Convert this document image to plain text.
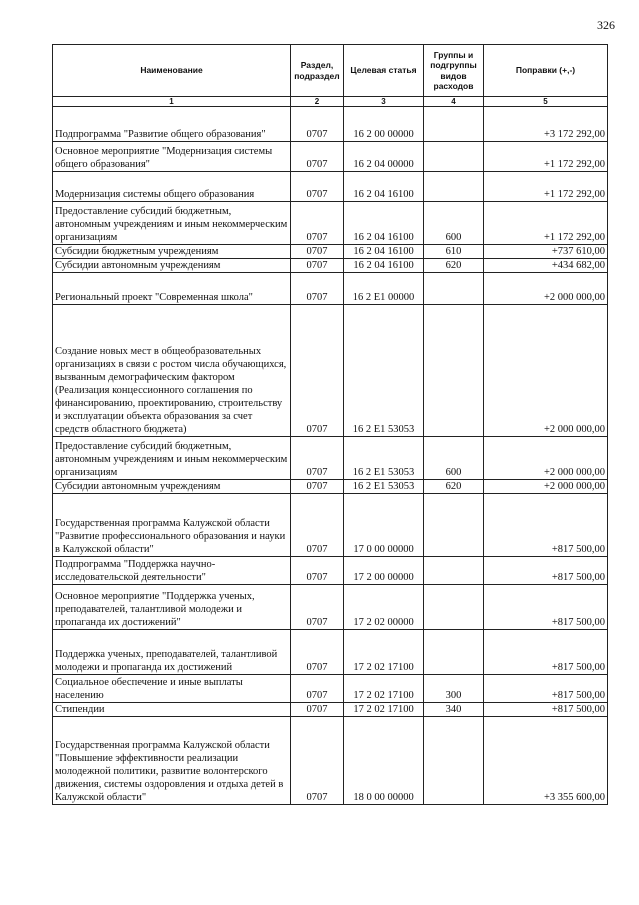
326
Наименование	Раздел, подраздел	Целевая статья	Группы и подгруппы видов расходов	Поправки (+,-)
1	2	3	4	5
Подпрограмма "Развитие общего образования"	0707	16 2 00 00000		+3 172 292,00
Основное мероприятие "Модернизация системы общего образования"	0707	16 2 04 00000		+1 172 292,00
Модернизация системы общего образования	0707	16 2 04 16100		+1 172 292,00
Предоставление субсидий бюджетным, автономным учреждениям и иным некоммерческим организациям	0707	16 2 04 16100	600	+1 172 292,00
Субсидии бюджетным учреждениям	0707	16 2 04 16100	610	+737 610,00
Субсидии автономным учреждениям	0707	16 2 04 16100	620	+434 682,00
Региональный проект "Современная школа"	0707	16 2 E1 00000		+2 000 000,00
Создание новых мест в общеобразовательных организациях в связи с ростом числа обучающихся, вызванным демографическим фактором (Реализация концессионного соглашения по финансированию, проектированию, строительству и эксплуатации объекта образования за счет средств областного бюджета)	0707	16 2 E1 53053		+2 000 000,00
Предоставление субсидий бюджетным, автономным учреждениям и иным некоммерческим организациям	0707	16 2 E1 53053	600	+2 000 000,00
Субсидии автономным учреждениям	0707	16 2 E1 53053	620	+2 000 000,00
Государственная программа Калужской области "Развитие профессионального образования и науки в Калужской области"	0707	17 0 00 00000		+817 500,00
Подпрограмма "Поддержка научно-исследовательской деятельности"	0707	17 2 00 00000		+817 500,00
Основное мероприятие "Поддержка ученых, преподавателей, талантливой молодежи и пропаганда их достижений"	0707	17 2 02 00000		+817 500,00
Поддержка ученых, преподавателей, талантливой молодежи и пропаганда их достижений	0707	17 2 02 17100		+817 500,00
Социальное обеспечение и иные выплаты населению	0707	17 2 02 17100	300	+817 500,00
Стипендии	0707	17 2 02 17100	340	+817 500,00
Государственная программа Калужской области "Повышение эффективности реализации молодежной политики, развитие волонтерского движения, системы оздоровления и отдыха детей в Калужской области"	0707	18 0 00 00000		+3 355 600,00
